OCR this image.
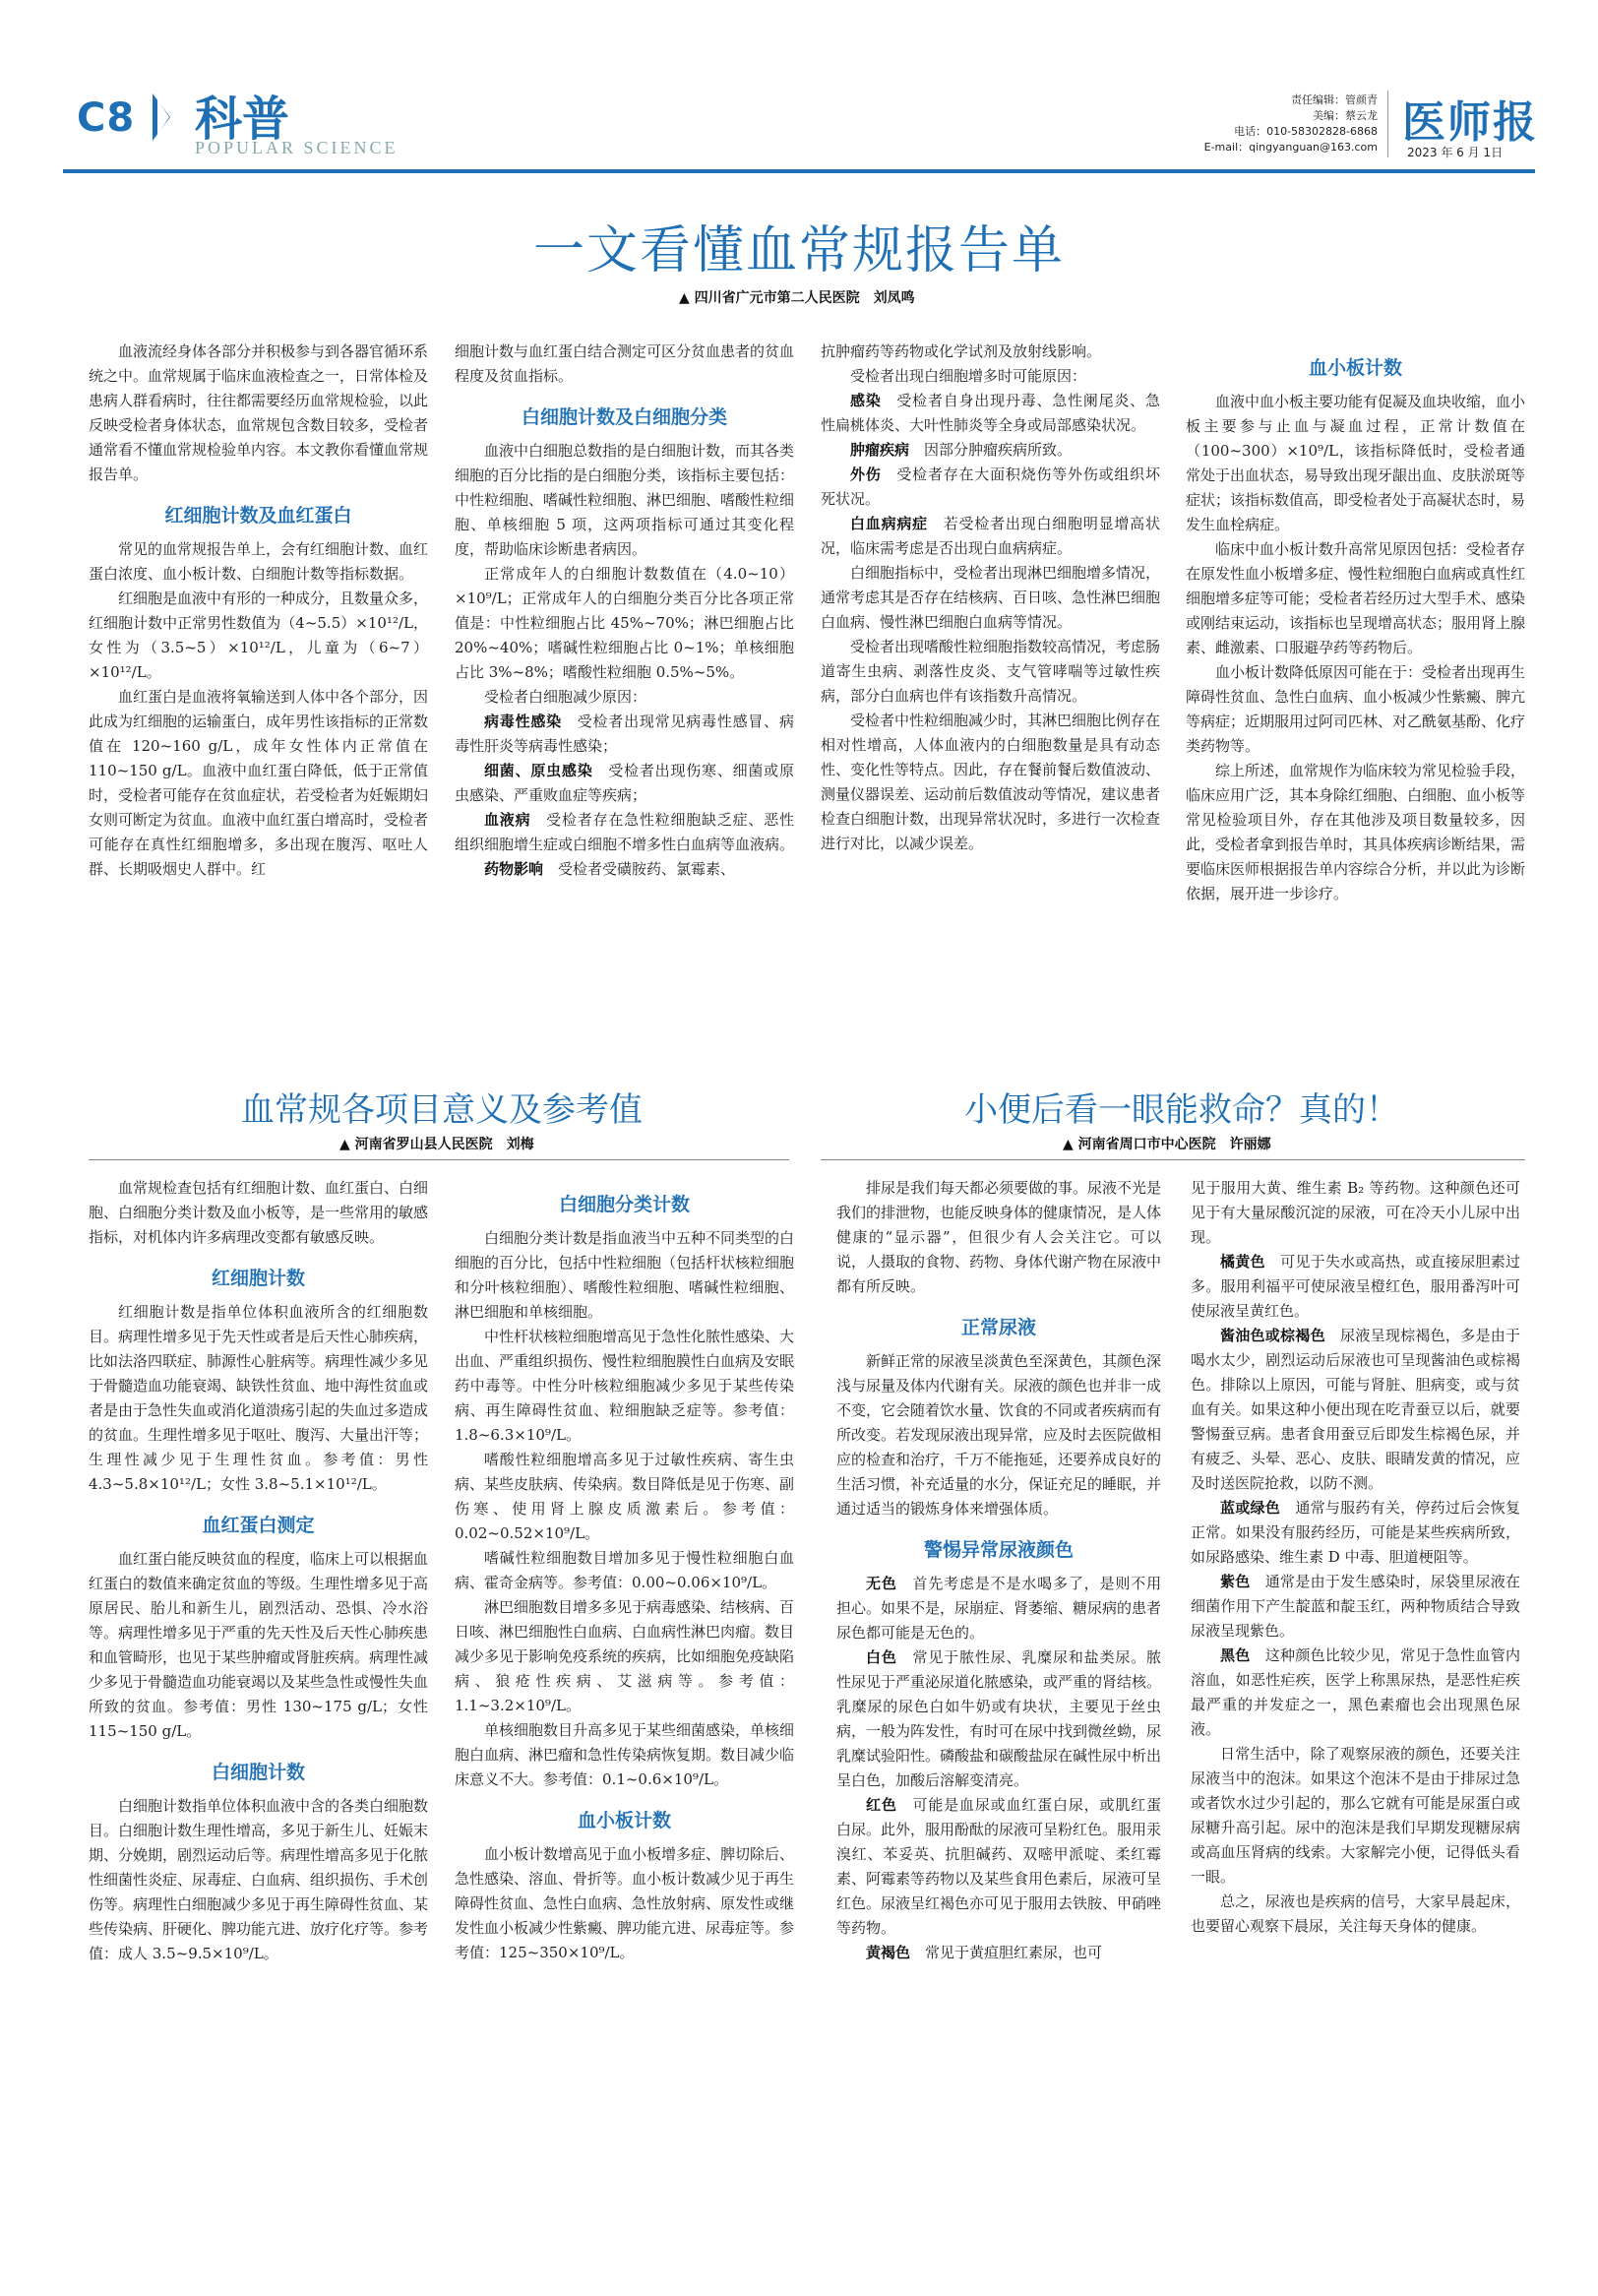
C8 科普
POPULAR SCIENCE
责任编辑：管颜青
美编：蔡云龙
电话：010-58302828-6868
E-mail：qingyanguan@163.com 医师报
2023 年 6 月 1日
一文看懂血常规报告单
▲ 四川省广元市第二人民医院　刘凤鸣

血液流经身体各部分并积极参与到各器官循环系统之中。血常规属于临床血液检查之一，日常体检及患病人群看病时，往往都需要经历血常规检验，以此反映受检者身体状态，血常规包含数目较多，受检者通常看不懂血常规检验单内容。本文教你看懂血常规报告单。

红细胞计数及血红蛋白

常见的血常规报告单上，会有红细胞计数、血红蛋白浓度、血小板计数、白细胞计数等指标数据。

红细胞是血液中有形的一种成分，且数量众多，红细胞计数中正常男性数值为（4~5.5）×10¹²/L，女性为（3.5~5）×10¹²/L，儿童为（6~7）×10¹²/L。

血红蛋白是血液将氧输送到人体中各个部分，因此成为红细胞的运输蛋白，成年男性该指标的正常数值在 120~160 g/L，成年女性体内正常值在 110~150 g/L。血液中血红蛋白降低，低于正常值时，受检者可能存在贫血症状，若受检者为妊娠期妇女则可断定为贫血。血液中血红蛋白增高时，受检者可能存在真性红细胞增多，多出现在腹泻、呕吐人群、长期吸烟史人群中。红

细胞计数与血红蛋白结合测定可区分贫血患者的贫血程度及贫血指标。

白细胞计数及白细胞分类

血液中白细胞总数指的是白细胞计数，而其各类细胞的百分比指的是白细胞分类，该指标主要包括：中性粒细胞、嗜碱性粒细胞、淋巴细胞、嗜酸性粒细胞、单核细胞 5 项，这两项指标可通过其变化程度，帮助临床诊断患者病因。

正常成年人的白细胞计数数值在（4.0~10）×10⁹/L；正常成年人的白细胞分类百分比各项正常值是：中性粒细胞占比 45%~70%；淋巴细胞占比 20%~40%；嗜碱性粒细胞占比 0~1%；单核细胞占比 3%~8%；嗜酸性粒细胞 0.5%~5%。

受检者白细胞减少原因：

病毒性感染　 受检者出现常见病毒性感冒、病毒性肝炎等病毒性感染；

细菌、原虫感染　 受检者出现伤寒、细菌或原虫感染、严重败血症等疾病；

血液病　 受检者存在急性粒细胞缺乏症、恶性组织细胞增生症或白细胞不增多性白血病等血液病。

药物影响　 受检者受磺胺药、氯霉素、

抗肿瘤药等药物或化学试剂及放射线影响。

受检者出现白细胞增多时可能原因：

感染　 受检者自身出现丹毒、急性阑尾炎、急性扁桃体炎、大叶性肺炎等全身或局部感染状况。

肿瘤疾病　 因部分肿瘤疾病所致。

外伤　 受检者存在大面积烧伤等外伤或组织坏死状况。

白血病病症　 若受检者出现白细胞明显增高状况，临床需考虑是否出现白血病病症。

白细胞指标中，受检者出现淋巴细胞增多情况，通常考虑其是否存在结核病、百日咳、急性淋巴细胞白血病、慢性淋巴细胞白血病等情况。

受检者出现嗜酸性粒细胞指数较高情况，考虑肠道寄生虫病、剥落性皮炎、支气管哮喘等过敏性疾病，部分白血病也伴有该指数升高情况。

受检者中性粒细胞减少时，其淋巴细胞比例存在相对性增高，人体血液内的白细胞数量是具有动态性、变化性等特点。因此，存在餐前餐后数值波动、测量仪器误差、运动前后数值波动等情况，建议患者检查白细胞计数，出现异常状况时，多进行一次检查进行对比，以减少误差。

血小板计数

血液中血小板主要功能有促凝及血块收缩，血小板主要参与止血与凝血过程，正常计数值在（100~300）×10⁹/L，该指标降低时，受检者通常处于出血状态，易导致出现牙龈出血、皮肤淤斑等症状；该指标数值高，即受检者处于高凝状态时，易发生血栓病症。

临床中血小板计数升高常见原因包括：受检者存在原发性血小板增多症、慢性粒细胞白血病或真性红细胞增多症等可能；受检者若经历过大型手术、感染或刚结束运动，该指标也呈现增高状态；服用肾上腺素、雌激素、口服避孕药等药物后。

血小板计数降低原因可能在于：受检者出现再生障碍性贫血、急性白血病、血小板减少性紫癜、脾亢等病症；近期服用过阿司匹林、对乙酰氨基酚、化疗类药物等。

综上所述，血常规作为临床较为常见检验手段，临床应用广泛，其本身除红细胞、白细胞、血小板等常见检验项目外，存在其他涉及项目数量较多，因此，受检者拿到报告单时，其具体疾病诊断结果，需要临床医师根据报告单内容综合分析，并以此为诊断依据，展开进一步诊疗。

血常规各项目意义及参考值
▲ 河南省罗山县人民医院　刘梅

血常规检查包括有红细胞计数、血红蛋白、白细胞、白细胞分类计数及血小板等，是一些常用的敏感指标，对机体内许多病理改变都有敏感反映。

红细胞计数

红细胞计数是指单位体积血液所含的红细胞数目。病理性增多见于先天性或者是后天性心肺疾病，比如法洛四联症、肺源性心脏病等。病理性减少多见于骨髓造血功能衰竭、缺铁性贫血、地中海性贫血或者是由于急性失血或消化道溃疡引起的失血过多造成的贫血。生理性增多见于呕吐、腹泻、大量出汗等；生理性减少见于生理性贫血。参考值：男性 4.3~5.8×10¹²/L；女性 3.8~5.1×10¹²/L。

血红蛋白测定

血红蛋白能反映贫血的程度，临床上可以根据血红蛋白的数值来确定贫血的等级。生理性增多见于高原居民、胎儿和新生儿，剧烈活动、恐惧、冷水浴等。病理性增多见于严重的先天性及后天性心肺疾患和血管畸形，也见于某些肿瘤或肾脏疾病。病理性减少多见于骨髓造血功能衰竭以及某些急性或慢性失血所致的贫血。参考值：男性 130~175 g/L；女性 115~150 g/L。

白细胞计数

白细胞计数指单位体积血液中含的各类白细胞数目。白细胞计数生理性增高，多见于新生儿、妊娠末期、分娩期，剧烈运动后等。病理性增高多见于化脓性细菌性炎症、尿毒症、白血病、组织损伤、手术创伤等。病理性白细胞减少多见于再生障碍性贫血、某些传染病、肝硬化、脾功能亢进、放疗化疗等。参考值：成人 3.5~9.5×10⁹/L。

白细胞分类计数

白细胞分类计数是指血液当中五种不同类型的白细胞的百分比，包括中性粒细胞（包括杆状核粒细胞和分叶核粒细胞）、嗜酸性粒细胞、嗜碱性粒细胞、淋巴细胞和单核细胞。

中性杆状核粒细胞增高见于急性化脓性感染、大出血、严重组织损伤、慢性粒细胞膜性白血病及安眠药中毒等。中性分叶核粒细胞减少多见于某些传染病、再生障碍性贫血、粒细胞缺乏症等。参考值：1.8~6.3×10⁹/L。

嗜酸性粒细胞增高多见于过敏性疾病、寄生虫病、某些皮肤病、传染病。数目降低是见于伤寒、副伤寒、使用肾上腺皮质激素后。参考值：0.02~0.52×10⁹/L。

嗜碱性粒细胞数目增加多见于慢性粒细胞白血病、霍奇金病等。参考值：0.00~0.06×10⁹/L。

淋巴细胞数目增多多见于病毒感染、结核病、百日咳、淋巴细胞性白血病、白血病性淋巴肉瘤。数目减少多见于影响免疫系统的疾病，比如细胞免疫缺陷病、狼疮性疾病、艾滋病等。参考值：1.1~3.2×10⁹/L。

单核细胞数目升高多见于某些细菌感染，单核细胞白血病、淋巴瘤和急性传染病恢复期。数目减少临床意义不大。参考值：0.1~0.6×10⁹/L。

血小板计数

血小板计数增高见于血小板增多症、脾切除后、急性感染、溶血、骨折等。血小板计数减少见于再生障碍性贫血、急性白血病、急性放射病、原发性或继发性血小板减少性紫癜、脾功能亢进、尿毒症等。参考值：125~350×10⁹/L。

小便后看一眼能救命？真的！
▲ 河南省周口市中心医院　许丽娜

排尿是我们每天都必须要做的事。尿液不光是我们的排泄物，也能反映身体的健康情况，是人体健康的“显示器”，但很少有人会关注它。可以说，人摄取的食物、药物、身体代谢产物在尿液中都有所反映。

正常尿液

新鲜正常的尿液呈淡黄色至深黄色，其颜色深浅与尿量及体内代谢有关。尿液的颜色也并非一成不变，它会随着饮水量、饮食的不同或者疾病而有所改变。若发现尿液出现异常，应及时去医院做相应的检查和治疗，千万不能拖延，还要养成良好的生活习惯，补充适量的水分，保证充足的睡眠，并通过适当的锻炼身体来增强体质。

警惕异常尿液颜色

无色　 首先考虑是不是水喝多了，是则不用担心。如果不是，尿崩症、肾萎缩、糖尿病的患者尿色都可能是无色的。

白色　 常见于脓性尿、乳糜尿和盐类尿。脓性尿见于严重泌尿道化脓感染，或严重的肾结核。乳糜尿的尿色白如牛奶或有块状，主要见于丝虫病，一般为阵发性，有时可在尿中找到微丝蚴，尿乳糜试验阳性。磷酸盐和碳酸盐尿在碱性尿中析出呈白色，加酸后溶解变清亮。

红色　 可能是血尿或血红蛋白尿，或肌红蛋白尿。此外，服用酚酞的尿液可呈粉红色。服用汞溴红、苯妥英、抗胆碱药、双嘧甲派啶、柔红霉素、阿霉素等药物以及某些食用色素后，尿液可呈红色。尿液呈红褐色亦可见于服用去铁胺、甲硝唑等药物。

黄褐色　 常见于黄疸胆红素尿，也可

见于服用大黄、维生素 B₂ 等药物。这种颜色还可见于有大量尿酸沉淀的尿液，可在冷天小儿尿中出现。

橘黄色　 可见于失水或高热，或直接尿胆素过多。服用利福平可使尿液呈橙红色，服用番泻叶可使尿液呈黄红色。

酱油色或棕褐色　 尿液呈现棕褐色，多是由于喝水太少，剧烈运动后尿液也可呈现酱油色或棕褐色。排除以上原因，可能与肾脏、胆病变，或与贫血有关。如果这种小便出现在吃青蚕豆以后，就要警惕蚕豆病。患者食用蚕豆后即发生棕褐色尿，并有疲乏、头晕、恶心、皮肤、眼睛发黄的情况，应及时送医院抢救，以防不测。

蓝或绿色　 通常与服药有关，停药过后会恢复正常。如果没有服药经历，可能是某些疾病所致，如尿路感染、维生素 D 中毒、胆道梗阻等。

紫色　 通常是由于发生感染时，尿袋里尿液在细菌作用下产生靛蓝和靛玉红，两种物质结合导致尿液呈现紫色。

黑色　 这种颜色比较少见，常见于急性血管内溶血，如恶性疟疾，医学上称黑尿热，是恶性疟疾最严重的并发症之一，黑色素瘤也会出现黑色尿液。

日常生活中，除了观察尿液的颜色，还要关注尿液当中的泡沫。如果这个泡沫不是由于排尿过急或者饮水过少引起的，那么它就有可能是尿蛋白或尿糖升高引起。尿中的泡沫是我们早期发现糖尿病或高血压肾病的线索。大家解完小便，记得低头看一眼。

总之，尿液也是疾病的信号，大家早晨起床，也要留心观察下晨尿，关注每天身体的健康。
